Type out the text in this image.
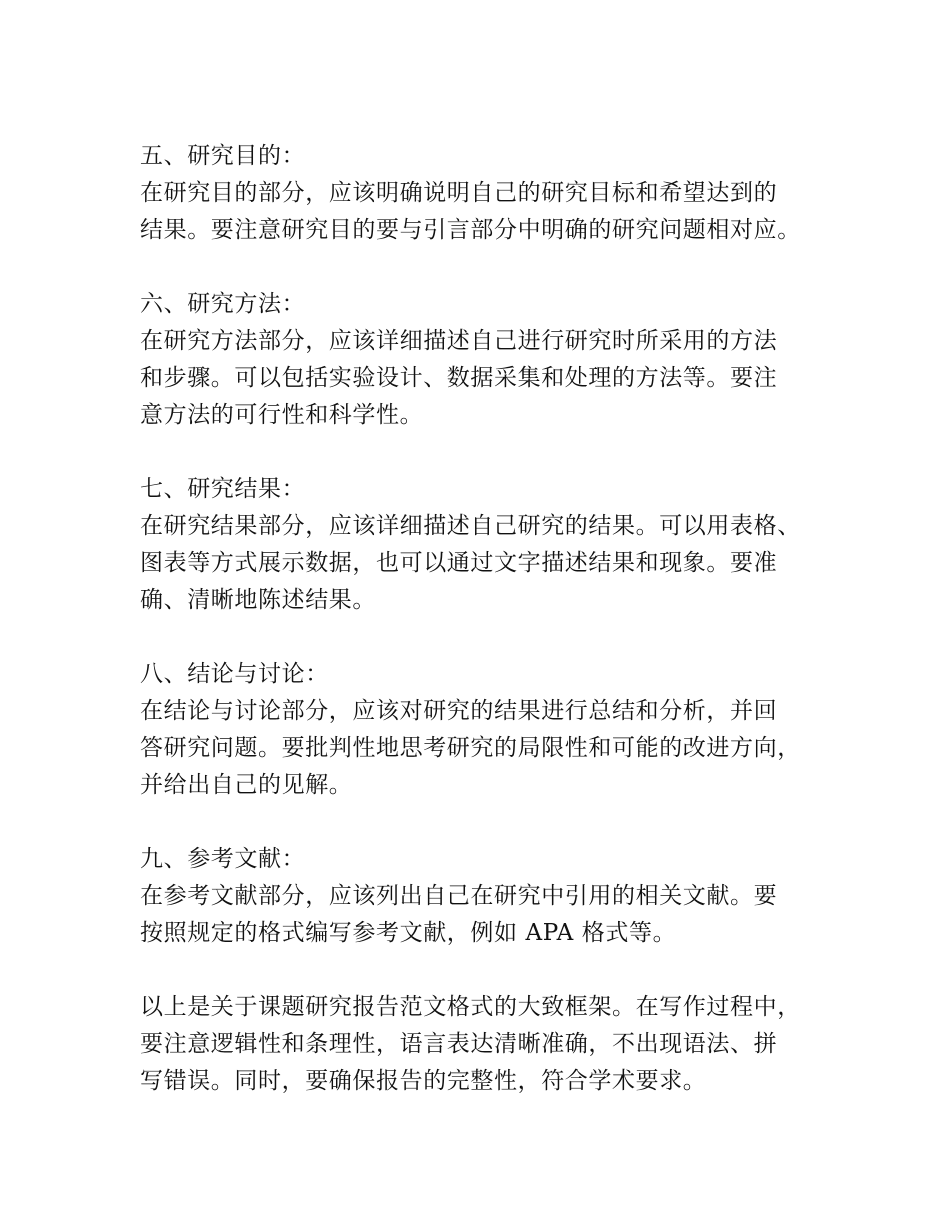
五、研究目的：

在研究目的部分，应该明确说明自己的研究目标和希望达到的
结果。要注意研究目的要与引言部分中明确的研究问题相对应。

六、研究方法：

在研究方法部分，应该详细描述自己进行研究时所采用的方法
和步骤。可以包括实验设计、数据采集和处理的方法等。要注
意方法的可行性和科学性。

七、研究结果：

在研究结果部分，应该详细描述自己研究的结果。可以用表格、
图表等方式展示数据，也可以通过文字描述结果和现象。要准
确、清晰地陈述结果。

八、结论与讨论：

在结论与讨论部分，应该对研究的结果进行总结和分析，并回
答研究问题。要批判性地思考研究的局限性和可能的改进方向，
并给出自己的见解。

九、参考文献：

在参考文献部分，应该列出自己在研究中引用的相关文献。要
按照规定的格式编写参考文献，例如 APA 格式等。

以上是关于课题研究报告范文格式的大致框架。在写作过程中，
要注意逻辑性和条理性，语言表达清晰准确，不出现语法、拼
写错误。同时，要确保报告的完整性，符合学术要求。
